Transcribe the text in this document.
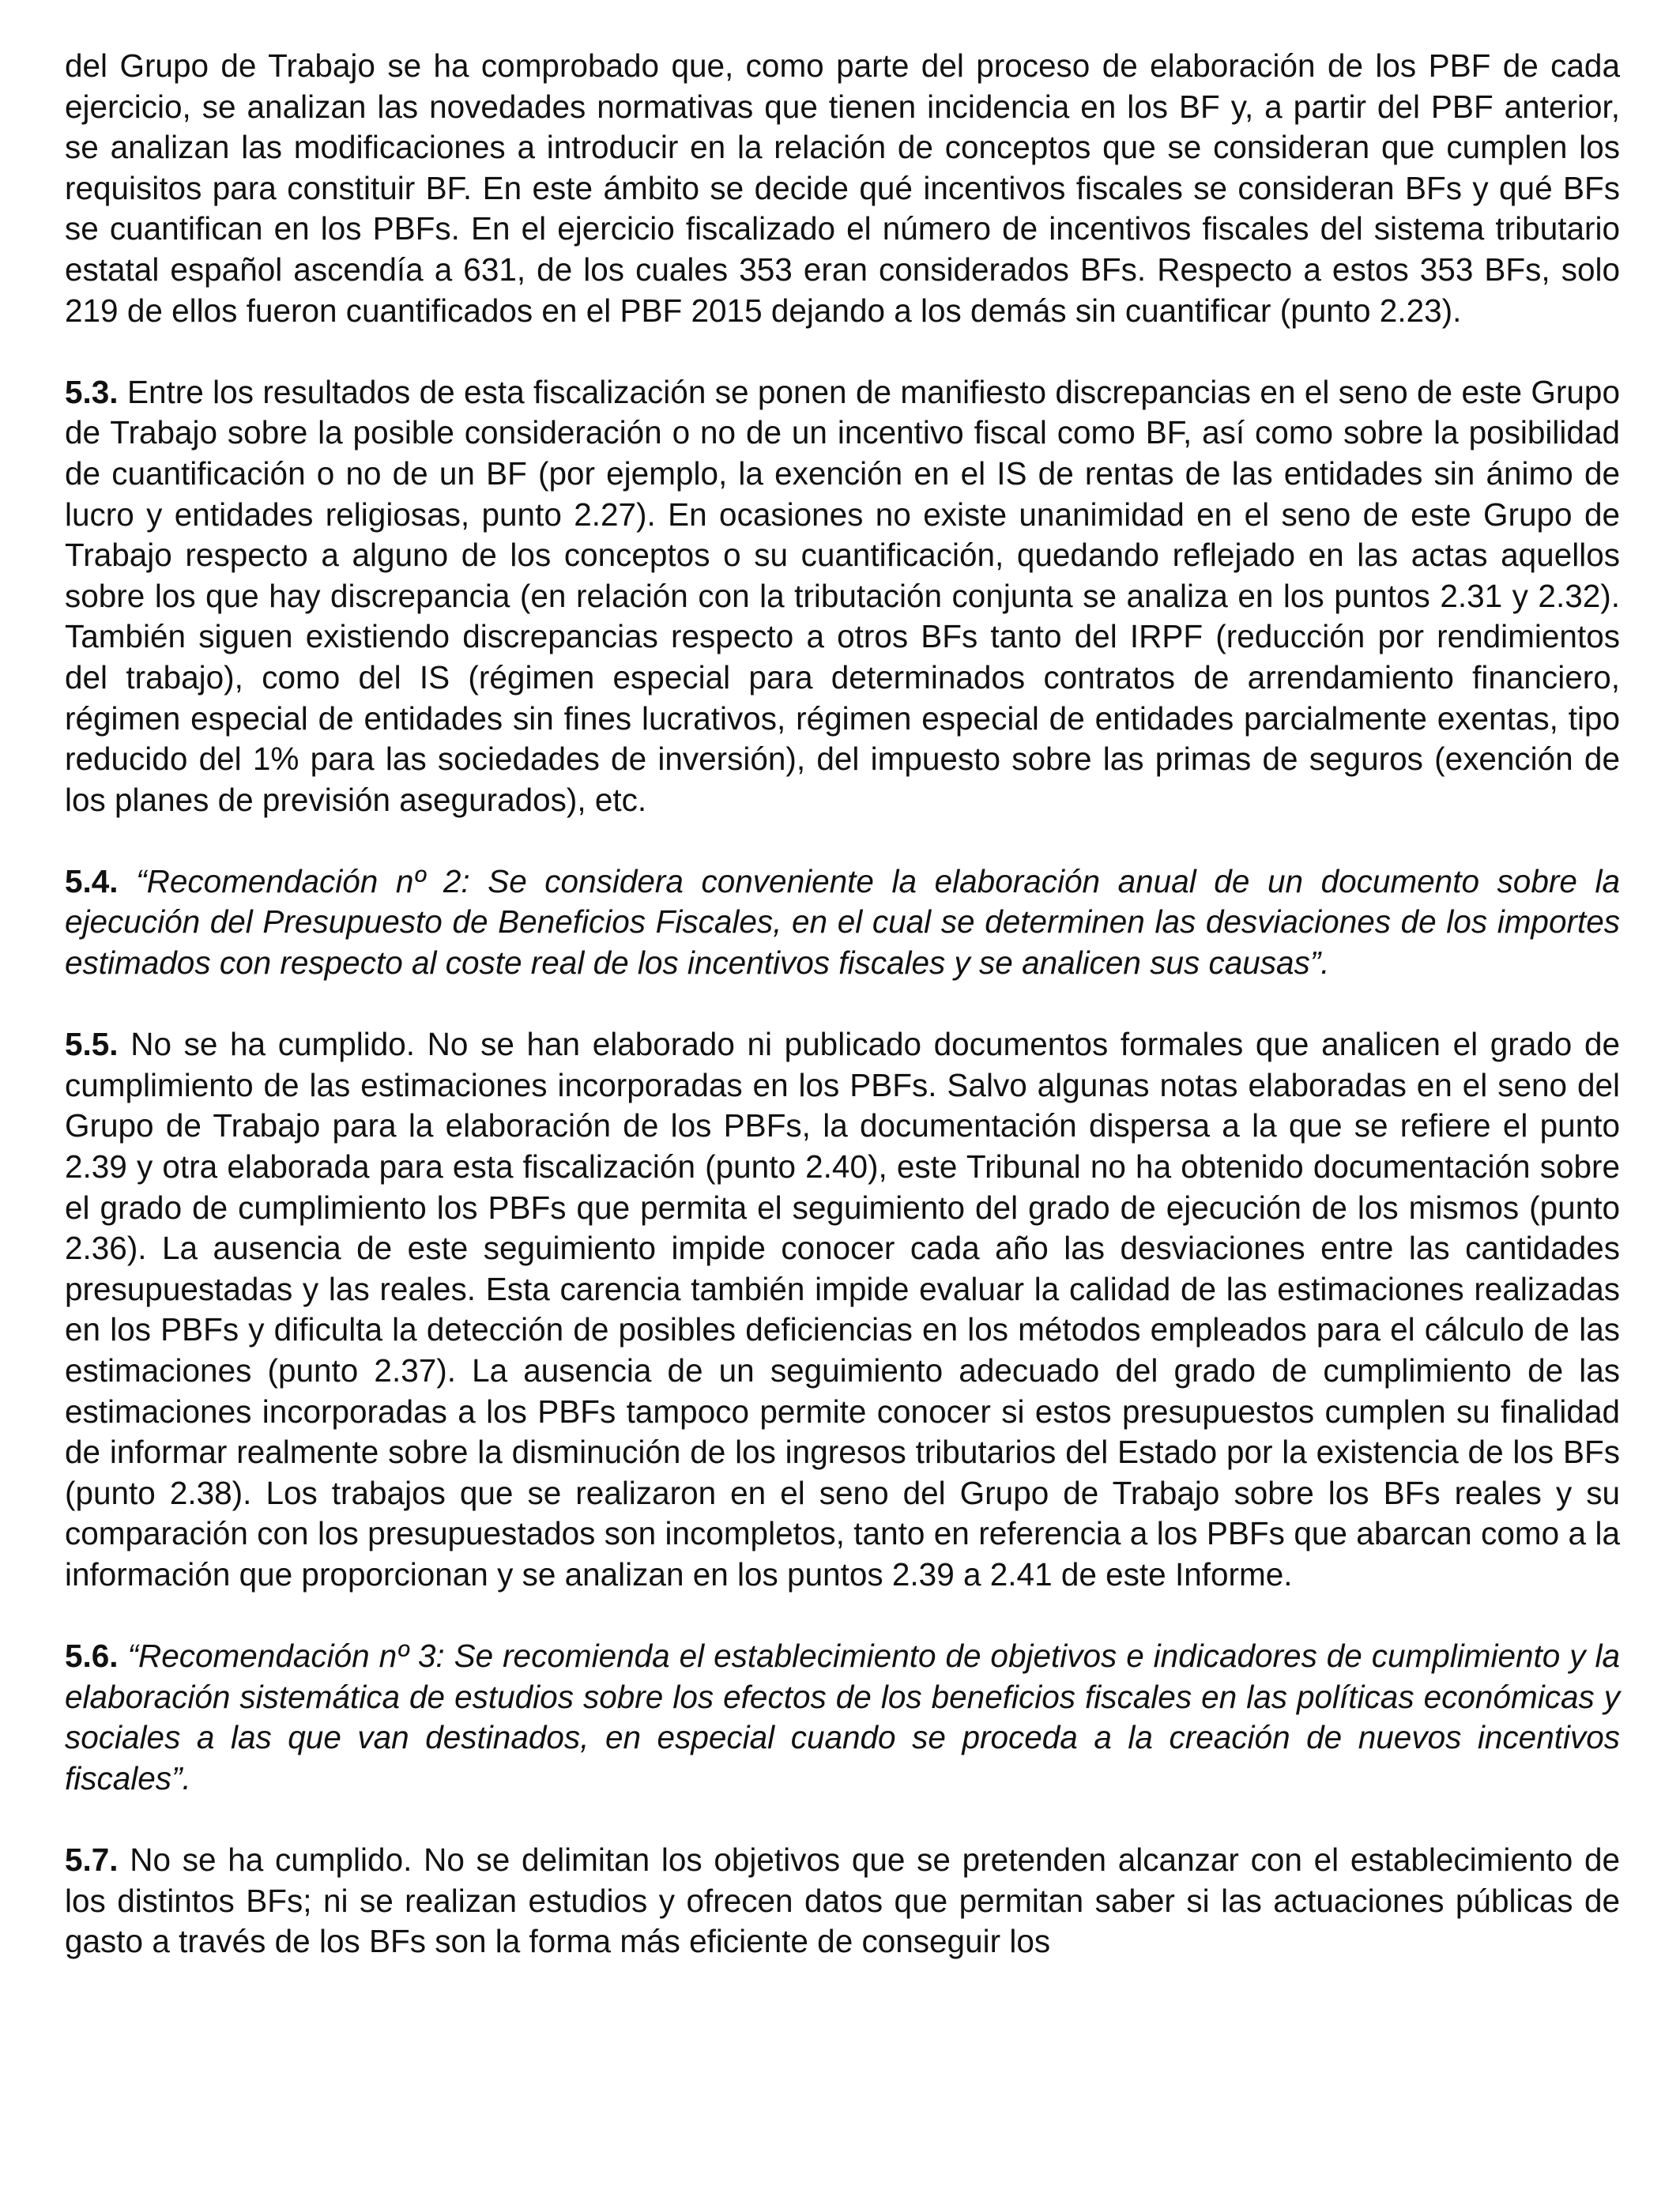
del Grupo de Trabajo se ha comprobado que, como parte del proceso de elaboración de los PBF de cada ejercicio, se analizan las novedades normativas que tienen incidencia en los BF y, a partir del PBF anterior, se analizan las modificaciones a introducir en la relación de conceptos que se consideran que cumplen los requisitos para constituir BF. En este ámbito se decide qué incentivos fiscales se consideran BFs y qué BFs se cuantifican en los PBFs. En el ejercicio fiscalizado el número de incentivos fiscales del sistema tributario estatal español ascendía a 631, de los cuales 353 eran considerados BFs. Respecto a estos 353 BFs, solo 219 de ellos fueron cuantificados en el PBF 2015 dejando a los demás sin cuantificar (punto 2.23).

5.3. Entre los resultados de esta fiscalización se ponen de manifiesto discrepancias en el seno de este Grupo de Trabajo sobre la posible consideración o no de un incentivo fiscal como BF, así como sobre la posibilidad de cuantificación o no de un BF (por ejemplo, la exención en el IS de rentas de las entidades sin ánimo de lucro y entidades religiosas, punto 2.27). En ocasiones no existe unanimidad en el seno de este Grupo de Trabajo respecto a alguno de los conceptos o su cuantificación, quedando reflejado en las actas aquellos sobre los que hay discrepancia (en relación con la tributación conjunta se analiza en los puntos 2.31 y 2.32). También siguen existiendo discrepancias respecto a otros BFs tanto del IRPF (reducción por rendimientos del trabajo), como del IS (régimen especial para determinados contratos de arrendamiento financiero, régimen especial de entidades sin fines lucrativos, régimen especial de entidades parcialmente exentas, tipo reducido del 1% para las sociedades de inversión), del impuesto sobre las primas de seguros (exención de los planes de previsión asegurados), etc.

5.4. “Recomendación nº 2: Se considera conveniente la elaboración anual de un documento sobre la ejecución del Presupuesto de Beneficios Fiscales, en el cual se determinen las desviaciones de los importes estimados con respecto al coste real de los incentivos fiscales y se analicen sus causas”.

5.5. No se ha cumplido. No se han elaborado ni publicado documentos formales que analicen el grado de cumplimiento de las estimaciones incorporadas en los PBFs. Salvo algunas notas elaboradas en el seno del Grupo de Trabajo para la elaboración de los PBFs, la documentación dispersa a la que se refiere el punto 2.39 y otra elaborada para esta fiscalización (punto 2.40), este Tribunal no ha obtenido documentación sobre el grado de cumplimiento los PBFs que permita el seguimiento del grado de ejecución de los mismos (punto 2.36). La ausencia de este seguimiento impide conocer cada año las desviaciones entre las cantidades presupuestadas y las reales. Esta carencia también impide evaluar la calidad de las estimaciones realizadas en los PBFs y dificulta la detección de posibles deficiencias en los métodos empleados para el cálculo de las estimaciones (punto 2.37). La ausencia de un seguimiento adecuado del grado de cumplimiento de las estimaciones incorporadas a los PBFs tampoco permite conocer si estos presupuestos cumplen su finalidad de informar realmente sobre la disminución de los ingresos tributarios del Estado por la existencia de los BFs (punto 2.38). Los trabajos que se realizaron en el seno del Grupo de Trabajo sobre los BFs reales y su comparación con los presupuestados son incompletos, tanto en referencia a los PBFs que abarcan como a la información que proporcionan y se analizan en los puntos 2.39 a 2.41 de este Informe.

5.6. “Recomendación nº 3: Se recomienda el establecimiento de objetivos e indicadores de cumplimiento y la elaboración sistemática de estudios sobre los efectos de los beneficios fiscales en las políticas económicas y sociales a las que van destinados, en especial cuando se proceda a la creación de nuevos incentivos fiscales”.

5.7. No se ha cumplido. No se delimitan los objetivos que se pretenden alcanzar con el establecimiento de los distintos BFs; ni se realizan estudios y ofrecen datos que permitan saber si las actuaciones públicas de gasto a través de los BFs son la forma más eficiente de conseguir los
